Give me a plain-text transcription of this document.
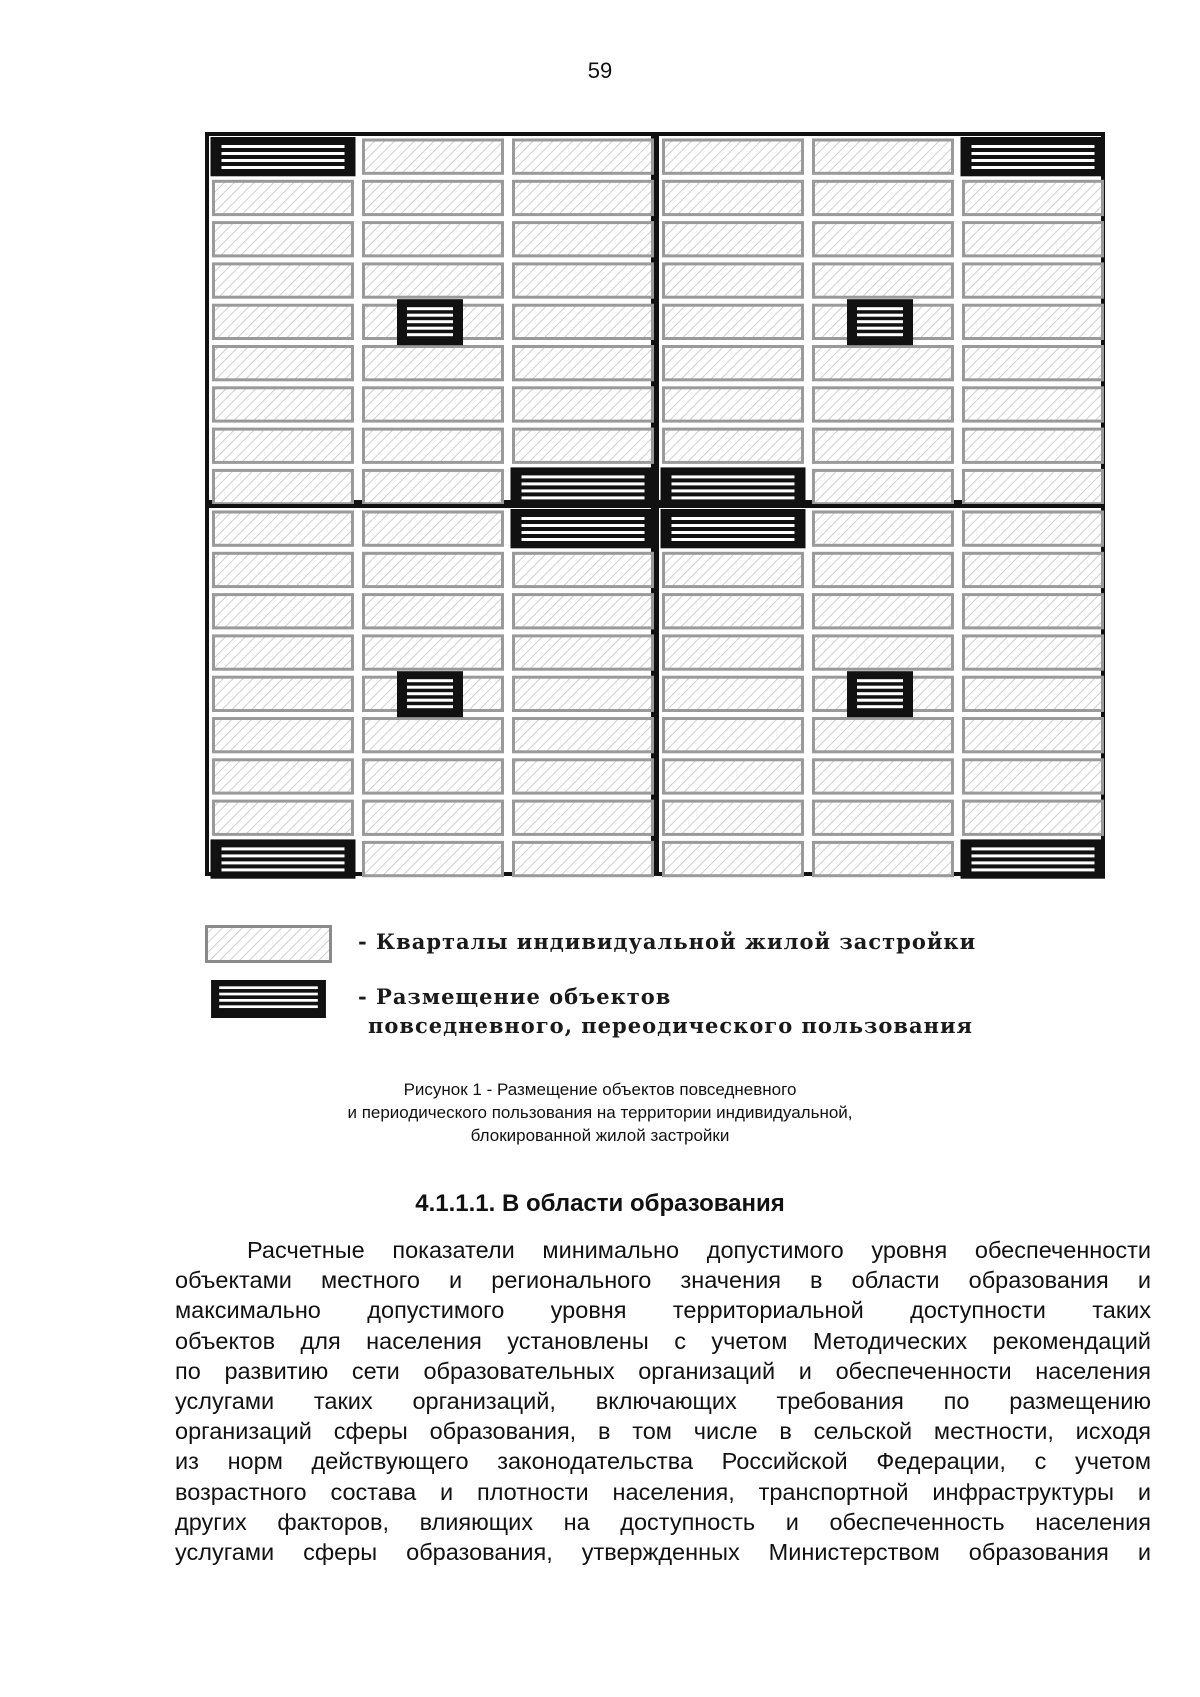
59
- Кварталы индивидуальной жилой застройки
- Размещение объектов
повседневного, переодического пользования
Рисунок 1 - Размещение объектов повседневного
и периодического пользования на территории индивидуальной,
блокированной жилой застройки
4.1.1.1. В области образования
Расчетные показатели минимально допустимого уровня обеспеченности
объектами местного и регионального значения в области образования и
максимально допустимого уровня территориальной доступности таких
объектов для населения установлены с учетом Методических рекомендаций
по развитию сети образовательных организаций и обеспеченности населения
услугами таких организаций, включающих требования по размещению
организаций сферы образования, в том числе в сельской местности, исходя
из норм действующего законодательства Российской Федерации, с учетом
возрастного состава и плотности населения, транспортной инфраструктуры и
других факторов, влияющих на доступность и обеспеченность населения
услугами сферы образования, утвержденных Министерством образования и
